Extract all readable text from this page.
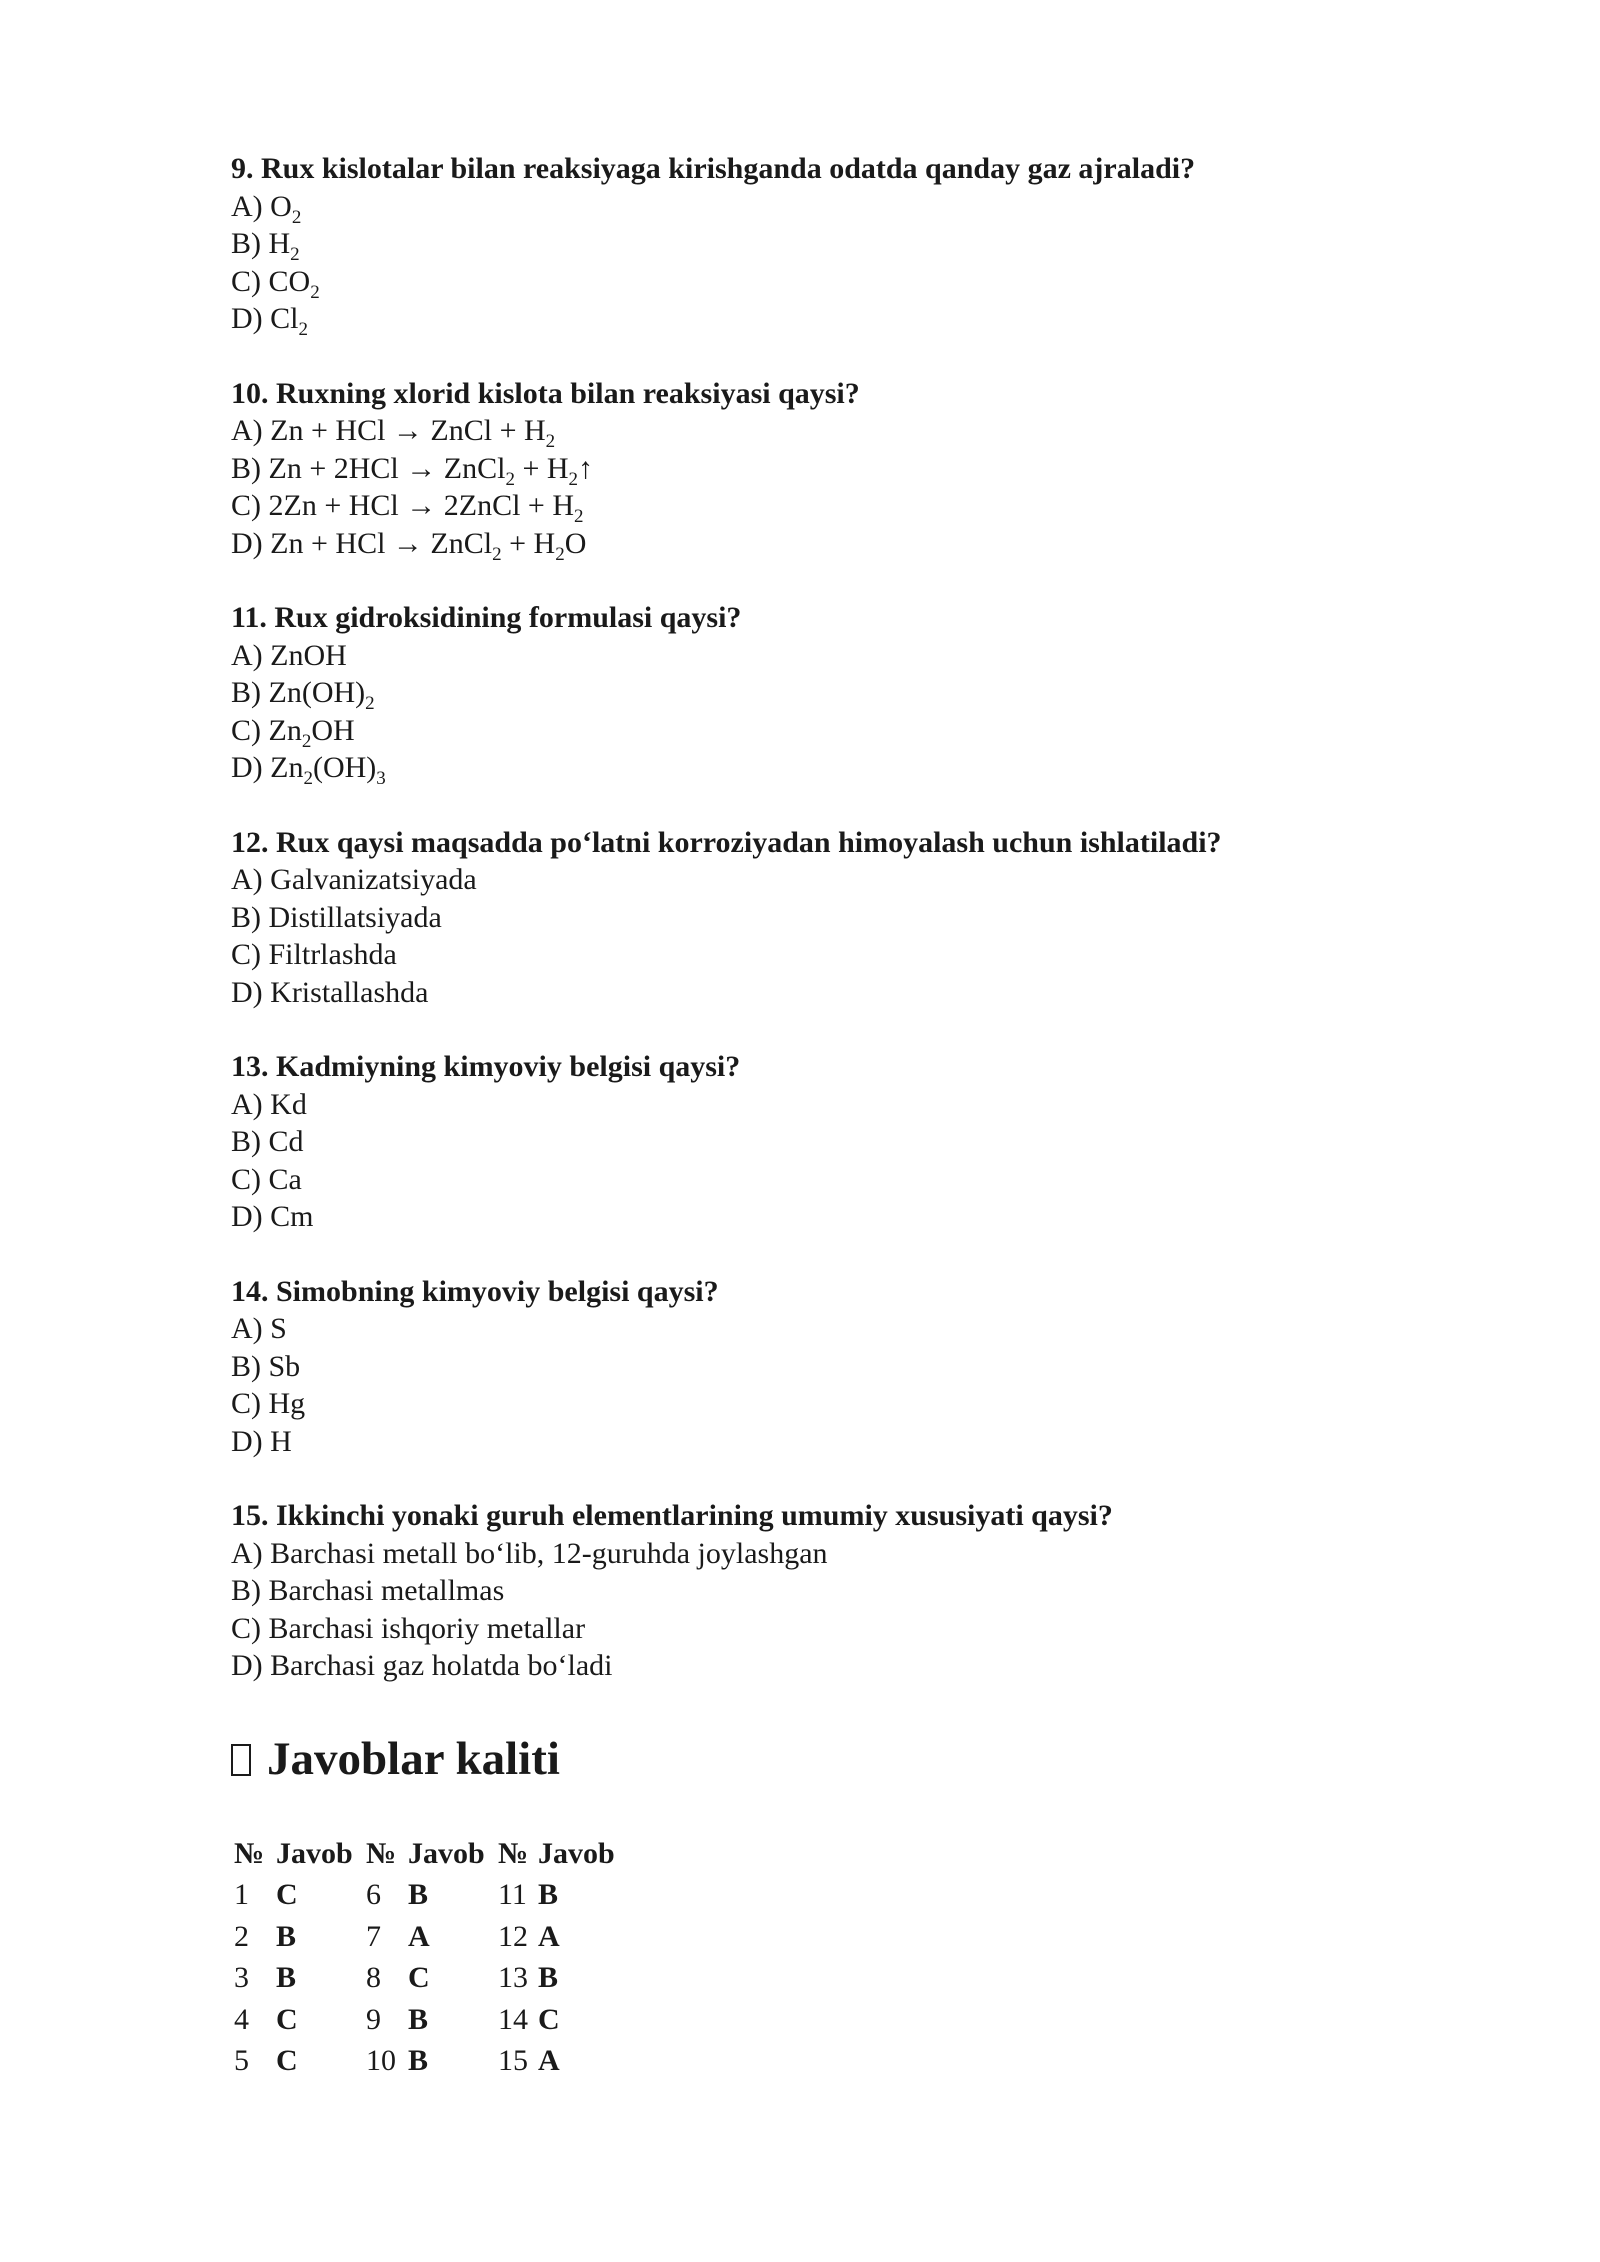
9. Rux kislotalar bilan reaksiyaga kirishganda odatda qanday gaz ajraladi?
A) $O_2$
B) $H_2$
C) $CO_2$
D) $Cl_2$
10. Ruxning xlorid kislota bilan reaksiyasi qaysi?
A) Zn + HCl → ZnCl + $H_2$
B) Zn + 2HCl → ZnCl$_2$ + $H_2↑$
C) 2Zn + HCl → 2ZnCl + $H_2$
D) Zn + HCl → ZnCl$_2$ + $H_2O$
11. Rux gidroksidining formulasi qaysi?
A) ZnOH
B) $Zn(OH)_2$
C) $Zn_2OH$
D) $Zn_2(OH)_3$
12. Rux qaysi maqsadda po‘latni korroziyadan himoyalash uchun ishlatiladi?
A) Galvanizatsiyada
B) Distillatsiyada
C) Filtrlashda
D) Kristallashda
13. Kadmiyning kimyoviy belgisi qaysi?
A) Kd
B) Cd
C) Ca
D) Cm
14. Simobning kimyoviy belgisi qaysi?
A) S
B) Sb
C) Hg
D) H
15. Ikkinchi yonaki guruh elementlarining umumiy xususiyati qaysi?
A) Barchasi metall bo‘lib, 12-guruhda joylashgan
B) Barchasi metallmas
C) Barchasi ishqoriy metallar
D) Barchasi gaz holatda bo‘ladi
Javoblar kaliti
№	Javob	№	Javob	№	Javob
1	C	6	B	11	B
2	B	7	A	12	A
3	B	8	C	13	B
4	C	9	B	14	C
5	C	10	B	15	A
